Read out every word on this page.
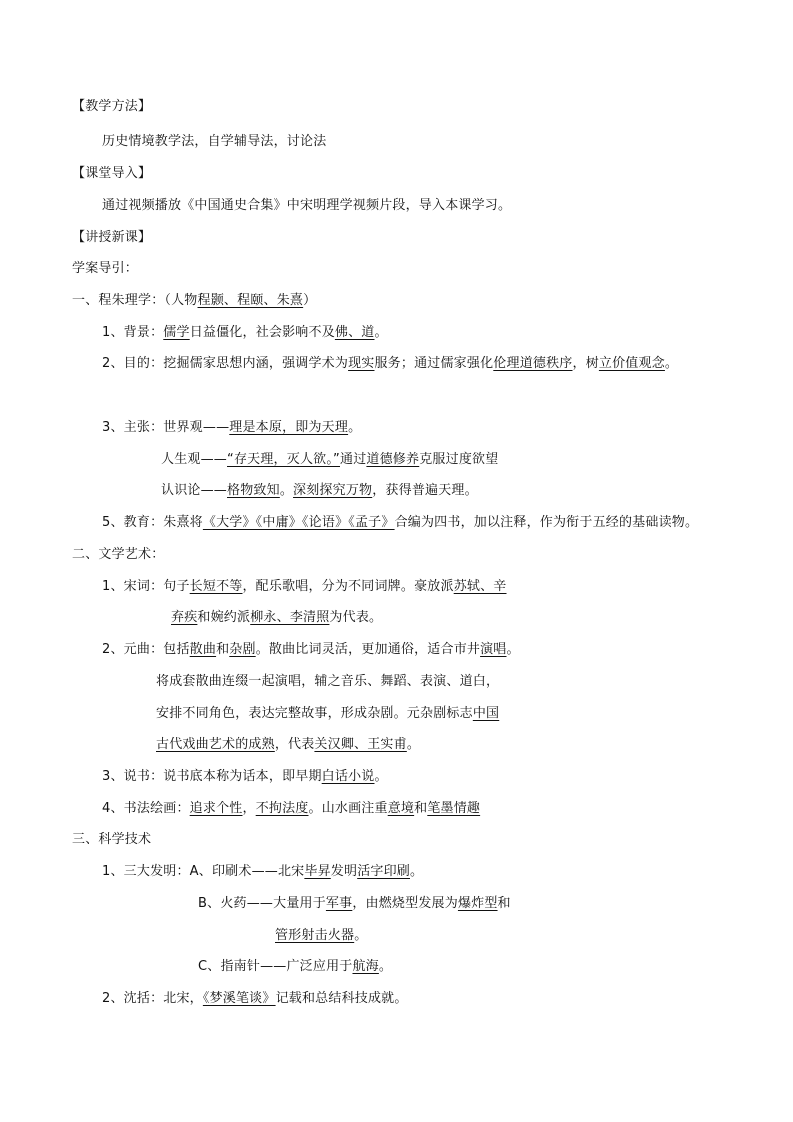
【教学方法】
历史情境教学法，自学辅导法，讨论法
【课堂导入】
通过视频播放《中国通史合集》中宋明理学视频片段，导入本课学习。
【讲授新课】
学案导引：
一、程朱理学：（人物程颢、程颐、朱熹）
1、背景：儒学日益僵化，社会影响不及佛、道。
2、目的：挖掘儒家思想内涵，强调学术为现实服务；通过儒家强化伦理道德秩序，树立价值观念。
3、主张：世界观——理是本原，即为天理。
人生观——“存天理，灭人欲。”通过道德修养克服过度欲望
认识论——格物致知。深刻探究万物，获得普遍天理。
5、教育：朱熹将《大学》《中庸》《论语》《孟子》合编为四书，加以注释，作为衔于五经的基础读物。
二、文学艺术：
1、宋词：句子长短不等，配乐歌唱，分为不同词牌。豪放派苏轼、辛
弃疾和婉约派柳永、李清照为代表。
2、元曲：包括散曲和杂剧。散曲比词灵活，更加通俗，适合市井演唱。
将成套散曲连缀一起演唱，辅之音乐、舞蹈、表演、道白，
安排不同角色，表达完整故事，形成杂剧。元杂剧标志中国
古代戏曲艺术的成熟，代表关汉卿、王实甫。
3、说书：说书底本称为话本，即早期白话小说。
4、书法绘画：追求个性，不拘法度。山水画注重意境和笔墨情趣
三、科学技术
1、三大发明：A、印刷术——北宋毕昇发明活字印刷。
B、火药——大量用于军事，由燃烧型发展为爆炸型和
管形射击火器。
C、指南针——广泛应用于航海。
2、沈括：北宋，《梦溪笔谈》记载和总结科技成就。
